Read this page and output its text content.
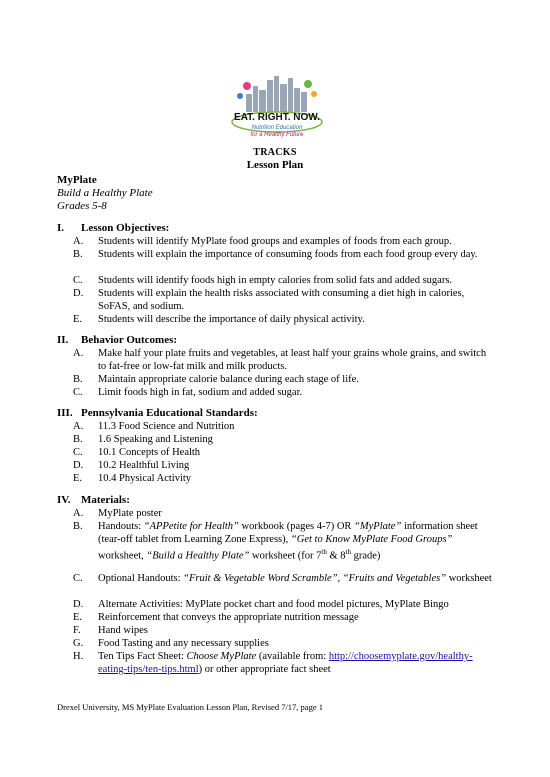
EAT. RIGHT. NOW.
Nutrition Education
for a Healthy Future
TRACKS
Lesson Plan
MyPlate
Build a Healthy Plate
Grades 5-8
I. Lesson Objectives:
A.	Students will identify MyPlate food groups and examples of foods from each group.
B.	Students will explain the importance of consuming foods from each food group every day.
C.	Students will identify foods high in empty calories from solid fats and added sugars.
D.	Students will explain the health risks associated with consuming a diet high in calories, SoFAS, and sodium.
E.	Students will describe the importance of daily physical activity.
II. Behavior Outcomes:
A.	Make half your plate fruits and vegetables, at least half your grains whole grains, and switch to fat-free or low-fat milk and milk products.
B.	Maintain appropriate calorie balance during each stage of life.
C.	Limit foods high in fat, sodium and added sugar.
III. Pennsylvania Educational Standards:
A.	11.3 Food Science and Nutrition
B.	1.6 Speaking and Listening
C.	10.1 Concepts of Health
D.	10.2 Healthful Living
E.	10.4 Physical Activity
IV. Materials:
A.	MyPlate poster
B.	Handouts: “APPetite for Health” workbook (pages 4-7) OR “MyPlate” information sheet (tear-off tablet from Learning Zone Express), “Get to Know MyPlate Food Groups” worksheet, “Build a Healthy Plate” worksheet (for 7th & 8th grade)
C.	Optional Handouts: “Fruit & Vegetable Word Scramble”, “Fruits and Vegetables” worksheet
D.	Alternate Activities: MyPlate pocket chart and food model pictures, MyPlate Bingo
E.	Reinforcement that conveys the appropriate nutrition message
F.	Hand wipes
G.	Food Tasting and any necessary supplies
H.	Ten Tips Fact Sheet: Choose MyPlate (available from: http://choosemyplate.gov/healthy-eating-tips/ten-tips.html) or other appropriate fact sheet
Drexel University, MS MyPlate Evaluation Lesson Plan, Revised 7/17, page 1
